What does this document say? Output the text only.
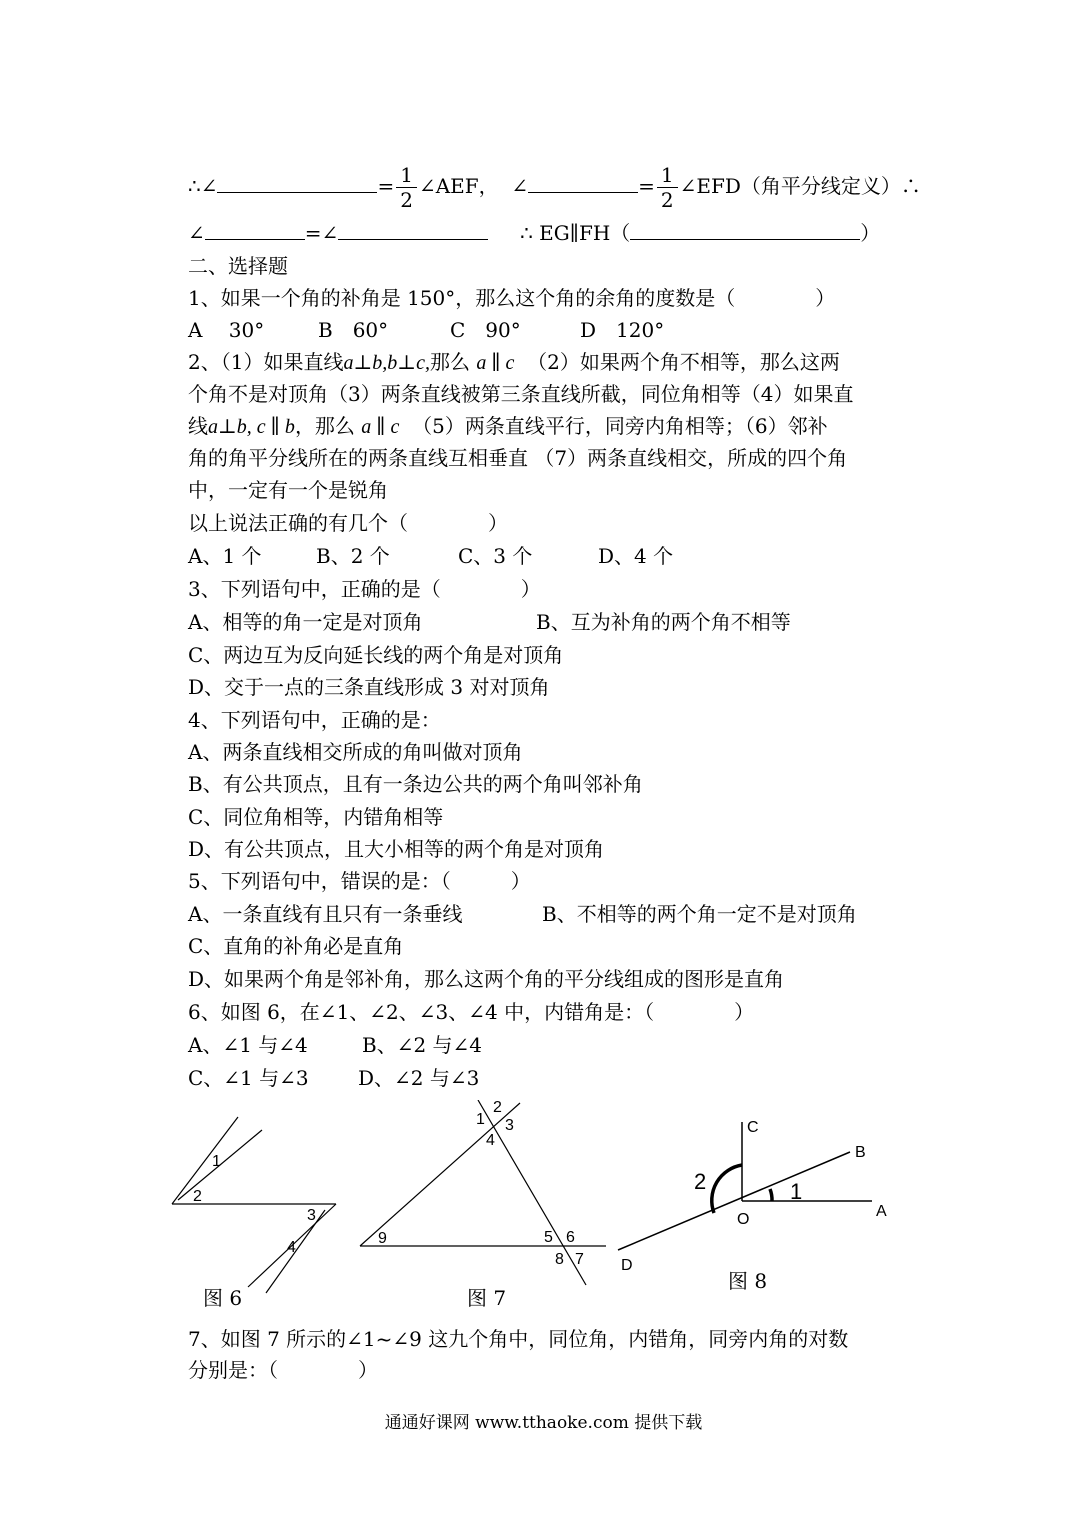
∴∠	= $\frac{1}{2}$ ∠AEF， ∠	= $\frac{1}{2}$ ∠EFD（角平分线定义）∴
∠	=∠	∴ EG∥FH（	）
二、选择题
1、如果一个角的补角是 150°，那么这个角的余角的度数是（　　　　）
A　 30°	B　60°	C　90°	D　120°
2、（1）如果直线a⊥b,b⊥c,那么 a ∥ c （2）如果两个角不相等，那么这两
个角不是对顶角（3）两条直线被第三条直线所截，同位角相等（4）如果直
线a⊥b, c ∥ b，那么 a ∥ c （5）两条直线平行，同旁内角相等；（6）邻补
角的角平分线所在的两条直线互相垂直 （7）两条直线相交，所成的四个角
中，一定有一个是锐角
以上说法正确的有几个（　　　　）
A、1 个	B、2 个	C、3 个	D、4 个
3、下列语句中，正确的是（　　　　）
A、相等的角一定是对顶角	B、互为补角的两个角不相等
C、两边互为反向延长线的两个角是对顶角
D、交于一点的三条直线形成 3 对对顶角
4、下列语句中，正确的是：
A、两条直线相交所成的角叫做对顶角
B、有公共顶点，且有一条边公共的两个角叫邻补角
C、同位角相等，内错角相等
D、有公共顶点，且大小相等的两个角是对顶角
5、下列语句中，错误的是：（　　　）
A、一条直线有且只有一条垂线	B、不相等的两个角一定不是对顶角
C、直角的补角必是直角
D、如果两个角是邻补角，那么这两个角的平分线组成的图形是直角
6、如图 6，在∠1、∠2、∠3、∠4 中，内错角是：（　　　　）
A、∠1 与∠4	B、∠2 与∠4
C、∠1 与∠3 D、∠2 与∠3
1
2
3
4
1
2
3
4
5 6
7
8
9
C
B
A
O
D
2	1
图 6	图 7
图 8
7、如图 7 所示的∠1~∠9 这九个角中，同位角，内错角，同旁内角的对数
分别是：（　　　　）
通通好课网 www.tthaoke.com 提供下载
